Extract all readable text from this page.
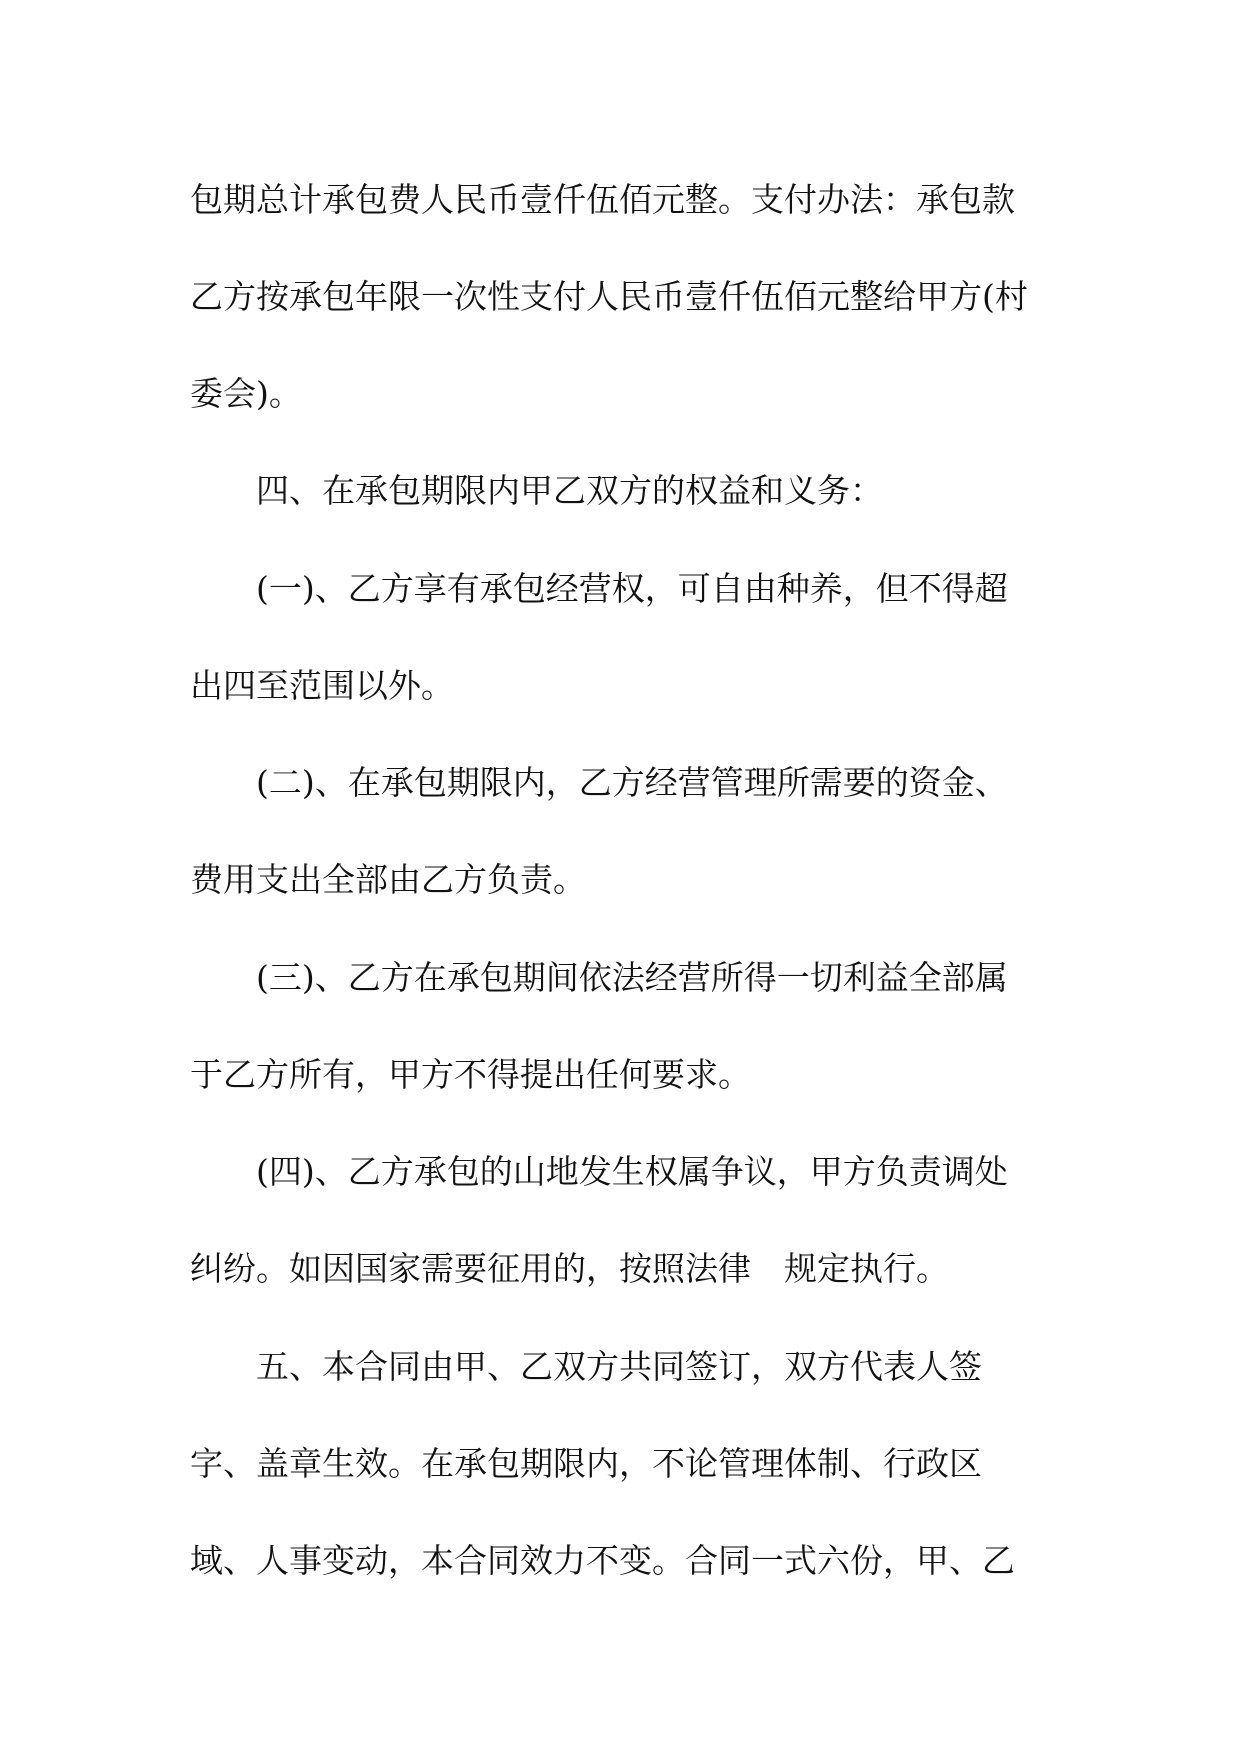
包期总计承包费人民币壹仟伍佰元整。支付办法：承包款
乙方按承包年限一次性支付人民币壹仟伍佰元整给甲方(村
委会)。
四、在承包期限内甲乙双方的权益和义务：
(一)、乙方享有承包经营权，可自由种养，但不得超
出四至范围以外。
(二)、在承包期限内，乙方经营管理所需要的资金、
费用支出全部由乙方负责。
(三)、乙方在承包期间依法经营所得一切利益全部属
于乙方所有，甲方不得提出任何要求。
(四)、乙方承包的山地发生权属争议，甲方负责调处
纠纷。如因国家需要征用的，按照法律　规定执行。
五、本合同由甲、乙双方共同签订，双方代表人签
字、盖章生效。在承包期限内，不论管理体制、行政区
域、人事变动，本合同效力不变。合同一式六份，甲、乙
